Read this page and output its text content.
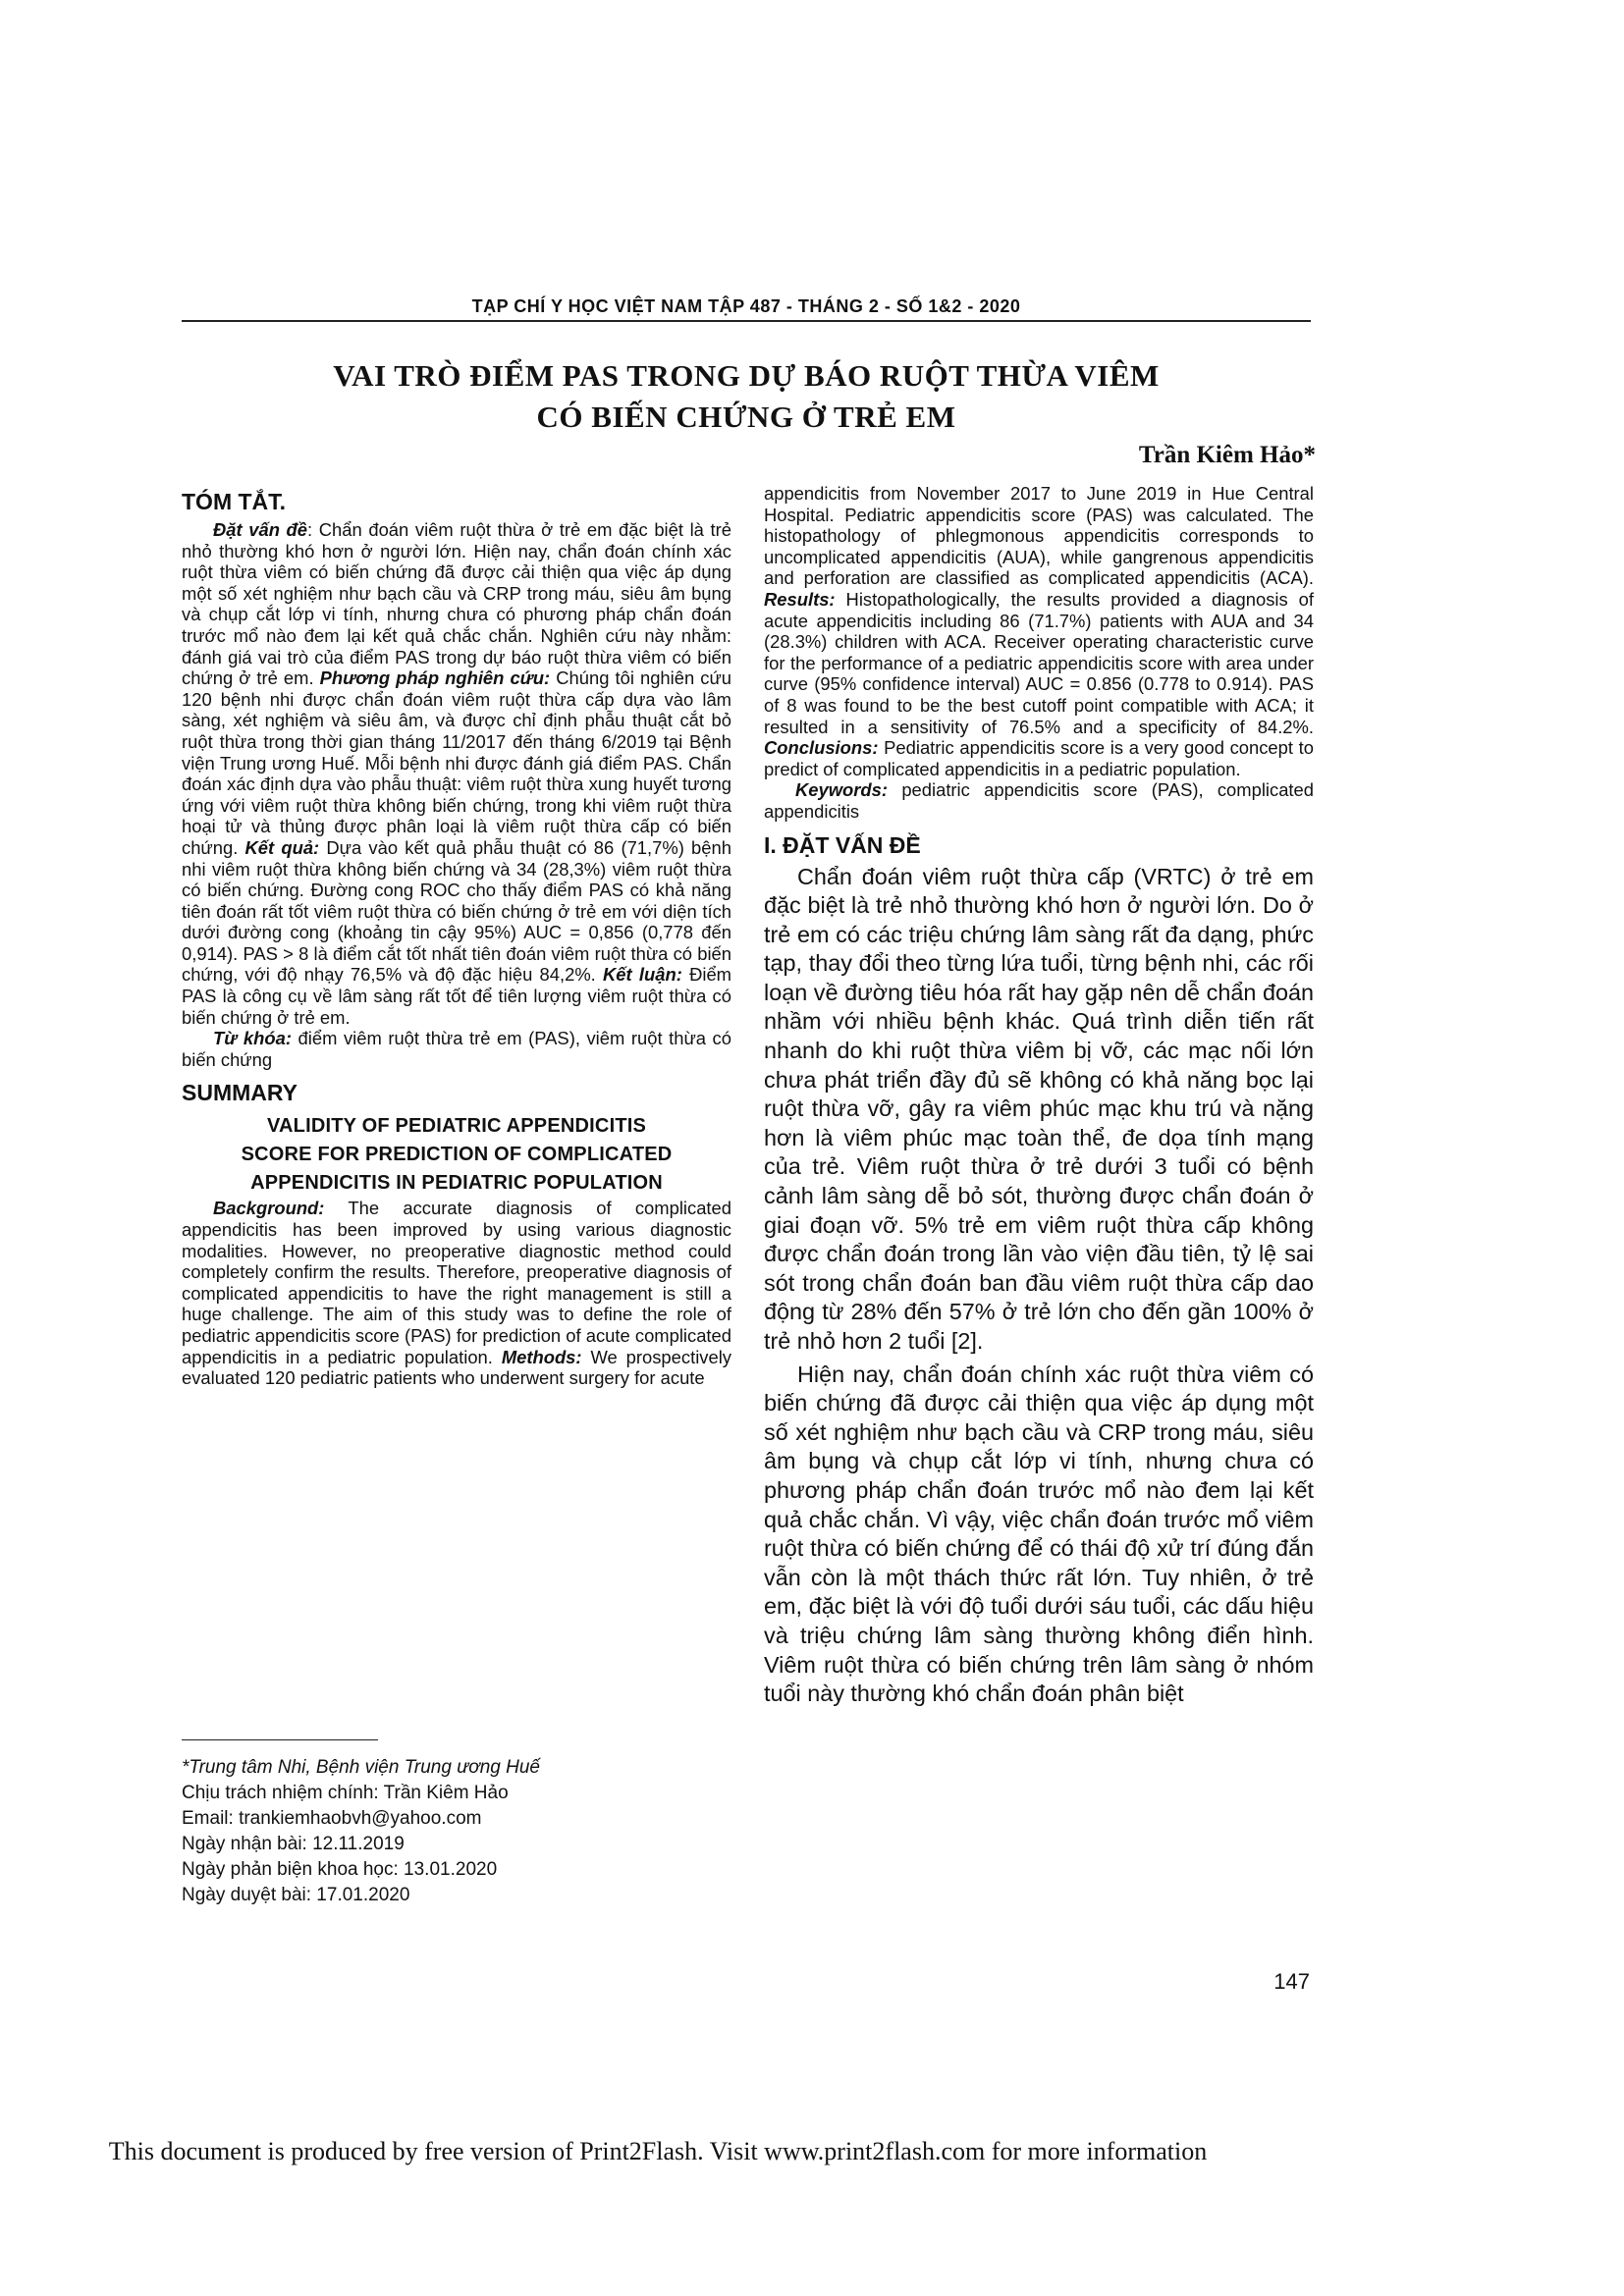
TẠP CHÍ Y HỌC VIỆT NAM TẬP 487 - THÁNG 2 - SỐ 1&2 - 2020
VAI TRÒ ĐIỂM PAS TRONG DỰ BÁO RUỘT THỪA VIÊM
CÓ BIẾN CHỨNG Ở TRẺ EM
Trần Kiêm Hảo*
TÓM TẮT.

Đặt vấn đề: Chẩn đoán viêm ruột thừa ở trẻ em đặc biệt là trẻ nhỏ thường khó hơn ở người lớn. Hiện nay, chẩn đoán chính xác ruột thừa viêm có biến chứng đã được cải thiện qua việc áp dụng một số xét nghiệm như bạch cầu và CRP trong máu, siêu âm bụng và chụp cắt lớp vi tính, nhưng chưa có phương pháp chẩn đoán trước mổ nào đem lại kết quả chắc chắn. Nghiên cứu này nhằm: đánh giá vai trò của điểm PAS trong dự báo ruột thừa viêm có biến chứng ở trẻ em. Phương pháp nghiên cứu: Chúng tôi nghiên cứu 120 bệnh nhi được chẩn đoán viêm ruột thừa cấp dựa vào lâm sàng, xét nghiệm và siêu âm, và được chỉ định phẫu thuật cắt bỏ ruột thừa trong thời gian tháng 11/2017 đến tháng 6/2019 tại Bệnh viện Trung ương Huế. Mỗi bệnh nhi được đánh giá điểm PAS. Chẩn đoán xác định dựa vào phẫu thuật: viêm ruột thừa xung huyết tương ứng với viêm ruột thừa không biến chứng, trong khi viêm ruột thừa hoại tử và thủng được phân loại là viêm ruột thừa cấp có biến chứng. Kết quả: Dựa vào kết quả phẫu thuật có 86 (71,7%) bệnh nhi viêm ruột thừa không biến chứng và 34 (28,3%) viêm ruột thừa có biến chứng. Đường cong ROC cho thấy điểm PAS có khả năng tiên đoán rất tốt viêm ruột thừa có biến chứng ở trẻ em với diện tích dưới đường cong (khoảng tin cậy 95%) AUC = 0,856 (0,778 đến 0,914). PAS > 8 là điểm cắt tốt nhất tiên đoán viêm ruột thừa có biến chứng, với độ nhạy 76,5% và độ đặc hiệu 84,2%. Kết luận: Điểm PAS là công cụ về lâm sàng rất tốt để tiên lượng viêm ruột thừa có biến chứng ở trẻ em.

Từ khóa: điểm viêm ruột thừa trẻ em (PAS), viêm ruột thừa có biến chứng

SUMMARY
VALIDITY OF PEDIATRIC APPENDICITIS
SCORE FOR PREDICTION OF COMPLICATED
APPENDICITIS IN PEDIATRIC POPULATION

Background: The accurate diagnosis of complicated appendicitis has been improved by using various diagnostic modalities. However, no preoperative diagnostic method could completely confirm the results. Therefore, preoperative diagnosis of complicated appendicitis to have the right management is still a huge challenge. The aim of this study was to define the role of pediatric appendicitis score (PAS) for prediction of acute complicated appendicitis in a pediatric population. Methods: We prospectively evaluated 120 pediatric patients who underwent surgery for acute

appendicitis from November 2017 to June 2019 in Hue Central Hospital. Pediatric appendicitis score (PAS) was calculated. The histopathology of phlegmonous appendicitis corresponds to uncomplicated appendicitis (AUA), while gangrenous appendicitis and perforation are classified as complicated appendicitis (ACA). Results: Histopathologically, the results provided a diagnosis of acute appendicitis including 86 (71.7%) patients with AUA and 34 (28.3%) children with ACA. Receiver operating characteristic curve for the performance of a pediatric appendicitis score with area under curve (95% confidence interval) AUC = 0.856 (0.778 to 0.914). PAS of 8 was found to be the best cutoff point compatible with ACA; it resulted in a sensitivity of 76.5% and a specificity of 84.2%. Conclusions: Pediatric appendicitis score is a very good concept to predict of complicated appendicitis in a pediatric population.

Keywords: pediatric appendicitis score (PAS), complicated appendicitis

I. ĐẶT VẤN ĐỀ

Chẩn đoán viêm ruột thừa cấp (VRTC) ở trẻ em đặc biệt là trẻ nhỏ thường khó hơn ở người lớn. Do ở trẻ em có các triệu chứng lâm sàng rất đa dạng, phức tạp, thay đổi theo từng lứa tuổi, từng bệnh nhi, các rối loạn về đường tiêu hóa rất hay gặp nên dễ chẩn đoán nhầm với nhiều bệnh khác. Quá trình diễn tiến rất nhanh do khi ruột thừa viêm bị vỡ, các mạc nối lớn chưa phát triển đầy đủ sẽ không có khả năng bọc lại ruột thừa vỡ, gây ra viêm phúc mạc khu trú và nặng hơn là viêm phúc mạc toàn thể, đe dọa tính mạng của trẻ. Viêm ruột thừa ở trẻ dưới 3 tuổi có bệnh cảnh lâm sàng dễ bỏ sót, thường được chẩn đoán ở giai đoạn vỡ. 5% trẻ em viêm ruột thừa cấp không được chẩn đoán trong lần vào viện đầu tiên, tỷ lệ sai sót trong chẩn đoán ban đầu viêm ruột thừa cấp dao động từ 28% đến 57% ở trẻ lớn cho đến gần 100% ở trẻ nhỏ hơn 2 tuổi [2].

Hiện nay, chẩn đoán chính xác ruột thừa viêm có biến chứng đã được cải thiện qua việc áp dụng một số xét nghiệm như bạch cầu và CRP trong máu, siêu âm bụng và chụp cắt lớp vi tính, nhưng chưa có phương pháp chẩn đoán trước mổ nào đem lại kết quả chắc chắn. Vì vậy, việc chẩn đoán trước mổ viêm ruột thừa có biến chứng để có thái độ xử trí đúng đắn vẫn còn là một thách thức rất lớn. Tuy nhiên, ở trẻ em, đặc biệt là với độ tuổi dưới sáu tuổi, các dấu hiệu và triệu chứng lâm sàng thường không điển hình. Viêm ruột thừa có biến chứng trên lâm sàng ở nhóm tuổi này thường khó chẩn đoán phân biệt

*Trung tâm Nhi, Bệnh viện Trung ương Huế

Chịu trách nhiệm chính: Trần Kiêm Hảo

Email: trankiemhaobvh@yahoo.com

Ngày nhận bài: 12.11.2019

Ngày phản biện khoa học: 13.01.2020

Ngày duyệt bài: 17.01.2020

147
This document is produced by free version of Print2Flash. Visit www.print2flash.com for more information
